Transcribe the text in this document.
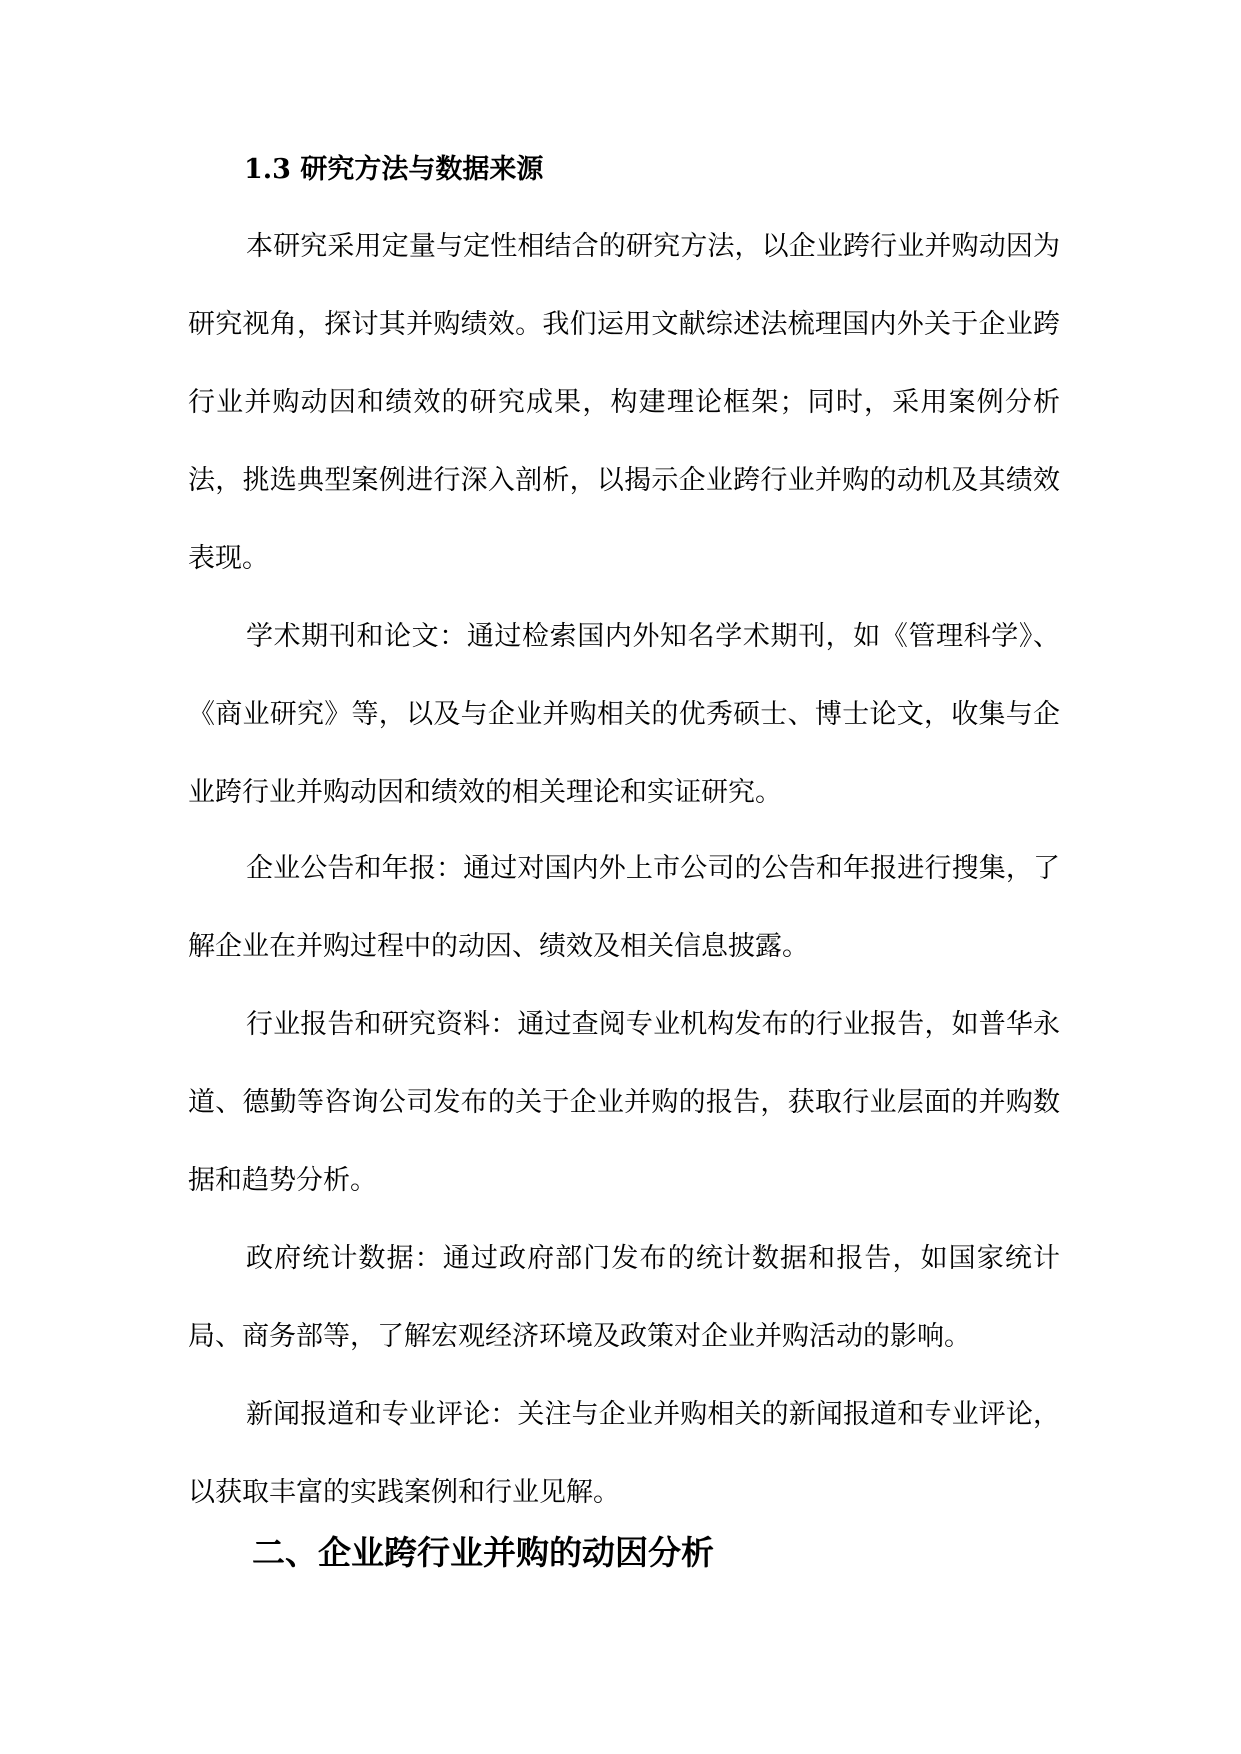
1.3 研究方法与数据来源

本研究采用定量与定性相结合的研究方法，以企业跨行业并购动因为研究视角，探讨其并购绩效。我们运用文献综述法梳理国内外关于企业跨行业并购动因和绩效的研究成果，构建理论框架；同时，采用案例分析法，挑选典型案例进行深入剖析，以揭示企业跨行业并购的动机及其绩效表现。

学术期刊和论文：通过检索国内外知名学术期刊，如《管理科学》、《商业研究》等，以及与企业并购相关的优秀硕士、博士论文，收集与企业跨行业并购动因和绩效的相关理论和实证研究。

企业公告和年报：通过对国内外上市公司的公告和年报进行搜集，了解企业在并购过程中的动因、绩效及相关信息披露。

行业报告和研究资料：通过查阅专业机构发布的行业报告，如普华永道、德勤等咨询公司发布的关于企业并购的报告，获取行业层面的并购数据和趋势分析。

政府统计数据：通过政府部门发布的统计数据和报告，如国家统计局、商务部等，了解宏观经济环境及政策对企业并购活动的影响。

新闻报道和专业评论：关注与企业并购相关的新闻报道和专业评论，以获取丰富的实践案例和行业见解。

二、企业跨行业并购的动因分析
